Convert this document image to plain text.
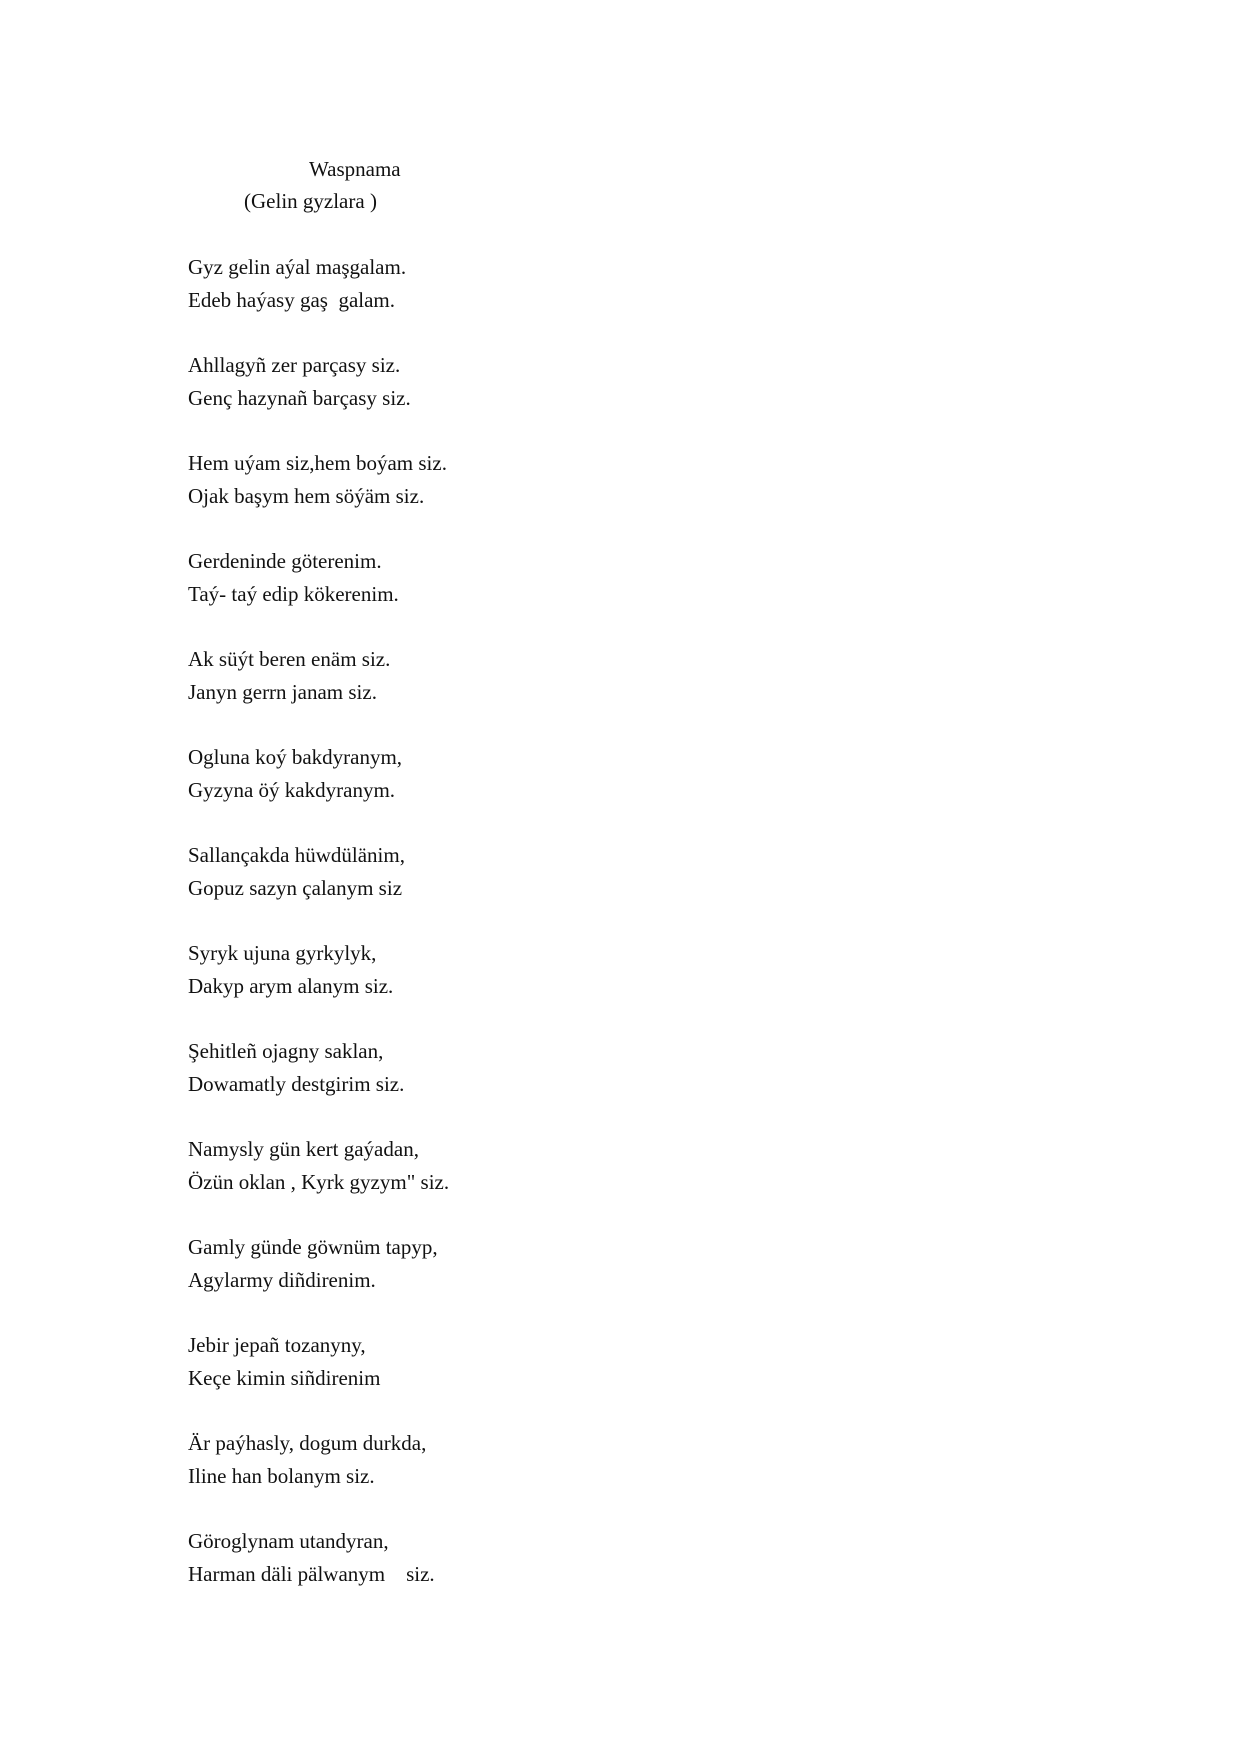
Waspnama
(Gelin gyzlara )
Gyz gelin aýal maşgalam.
Edeb haýasy gaş  galam.
Ahllagyñ zer parçasy siz.
Genç hazynañ barçasy siz.
Hem uýam siz,hem boýam siz.
Ojak başym hem söýäm siz.
Gerdeninde göterenim.
Taý- taý edip kökerenim.
Ak süýt beren enäm siz.
Janyn gerrn janam siz.
Ogluna koý bakdyranym,
Gyzyna öý kakdyranym.
Sallançakda hüwdülänim,
Gopuz sazyn çalanym siz
Syryk ujuna gyrkylyk,
Dakyp arym alanym siz.
Şehitleñ ojagny saklan,
Dowamatly destgirim siz.
Namysly gün kert gaýadan,
Özün oklan , Kyrk gyzym" siz.
Gamly günde göwnüm tapyp,
Agylarmy diñdirenim.
Jebir jepañ tozanyny,
Keçe kimin siñdirenim
Är paýhasly, dogum durkda,
Iline han bolanym siz.
Göroglynam utandyran,
Harman däli pälwanym    siz.
